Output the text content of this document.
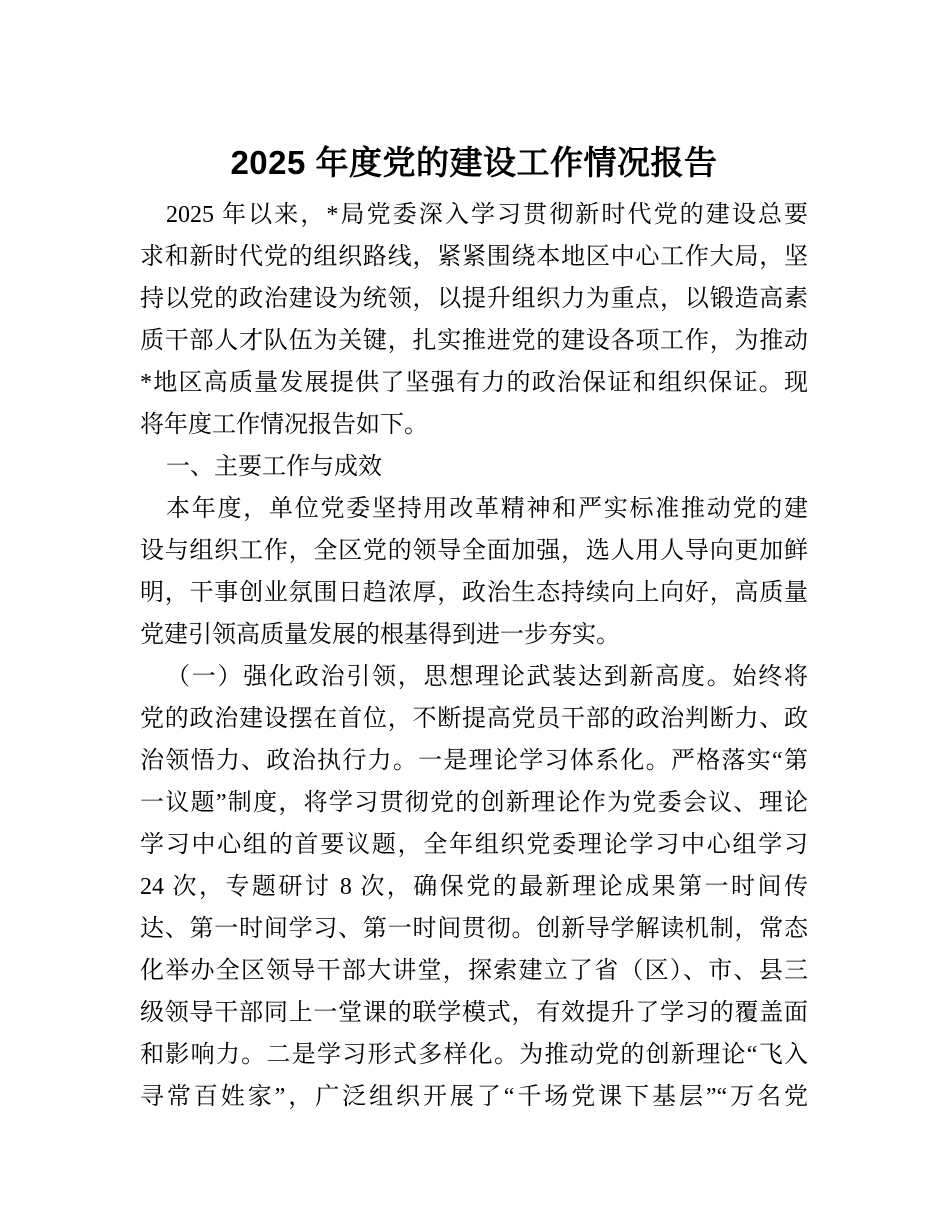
2025 年度党的建设工作情况报告
2025 年以来，*局党委深入学习贯彻新时代党的建设总要
求和新时代党的组织路线，紧紧围绕本地区中心工作大局，坚
持以党的政治建设为统领，以提升组织力为重点，以锻造高素
质干部人才队伍为关键，扎实推进党的建设各项工作，为推动
*地区高质量发展提供了坚强有力的政治保证和组织保证。现
将年度工作情况报告如下。
一、主要工作与成效
本年度，单位党委坚持用改革精神和严实标准推动党的建
设与组织工作，全区党的领导全面加强，选人用人导向更加鲜
明，干事创业氛围日趋浓厚，政治生态持续向上向好，高质量
党建引领高质量发展的根基得到进一步夯实。
（一）强化政治引领，思想理论武装达到新高度。始终将
党的政治建设摆在首位，不断提高党员干部的政治判断力、政
治领悟力、政治执行力。一是理论学习体系化。严格落实“第
一议题”制度，将学习贯彻党的创新理论作为党委会议、理论
学习中心组的首要议题，全年组织党委理论学习中心组学习
24 次，专题研讨 8 次，确保党的最新理论成果第一时间传
达、第一时间学习、第一时间贯彻。创新导学解读机制，常态
化举办全区领导干部大讲堂，探索建立了省（区）、市、县三
级领导干部同上一堂课的联学模式，有效提升了学习的覆盖面
和影响力。二是学习形式多样化。为推动党的创新理论“飞入
寻常百姓家”，广泛组织开展了“千场党课下基层”“万名党
